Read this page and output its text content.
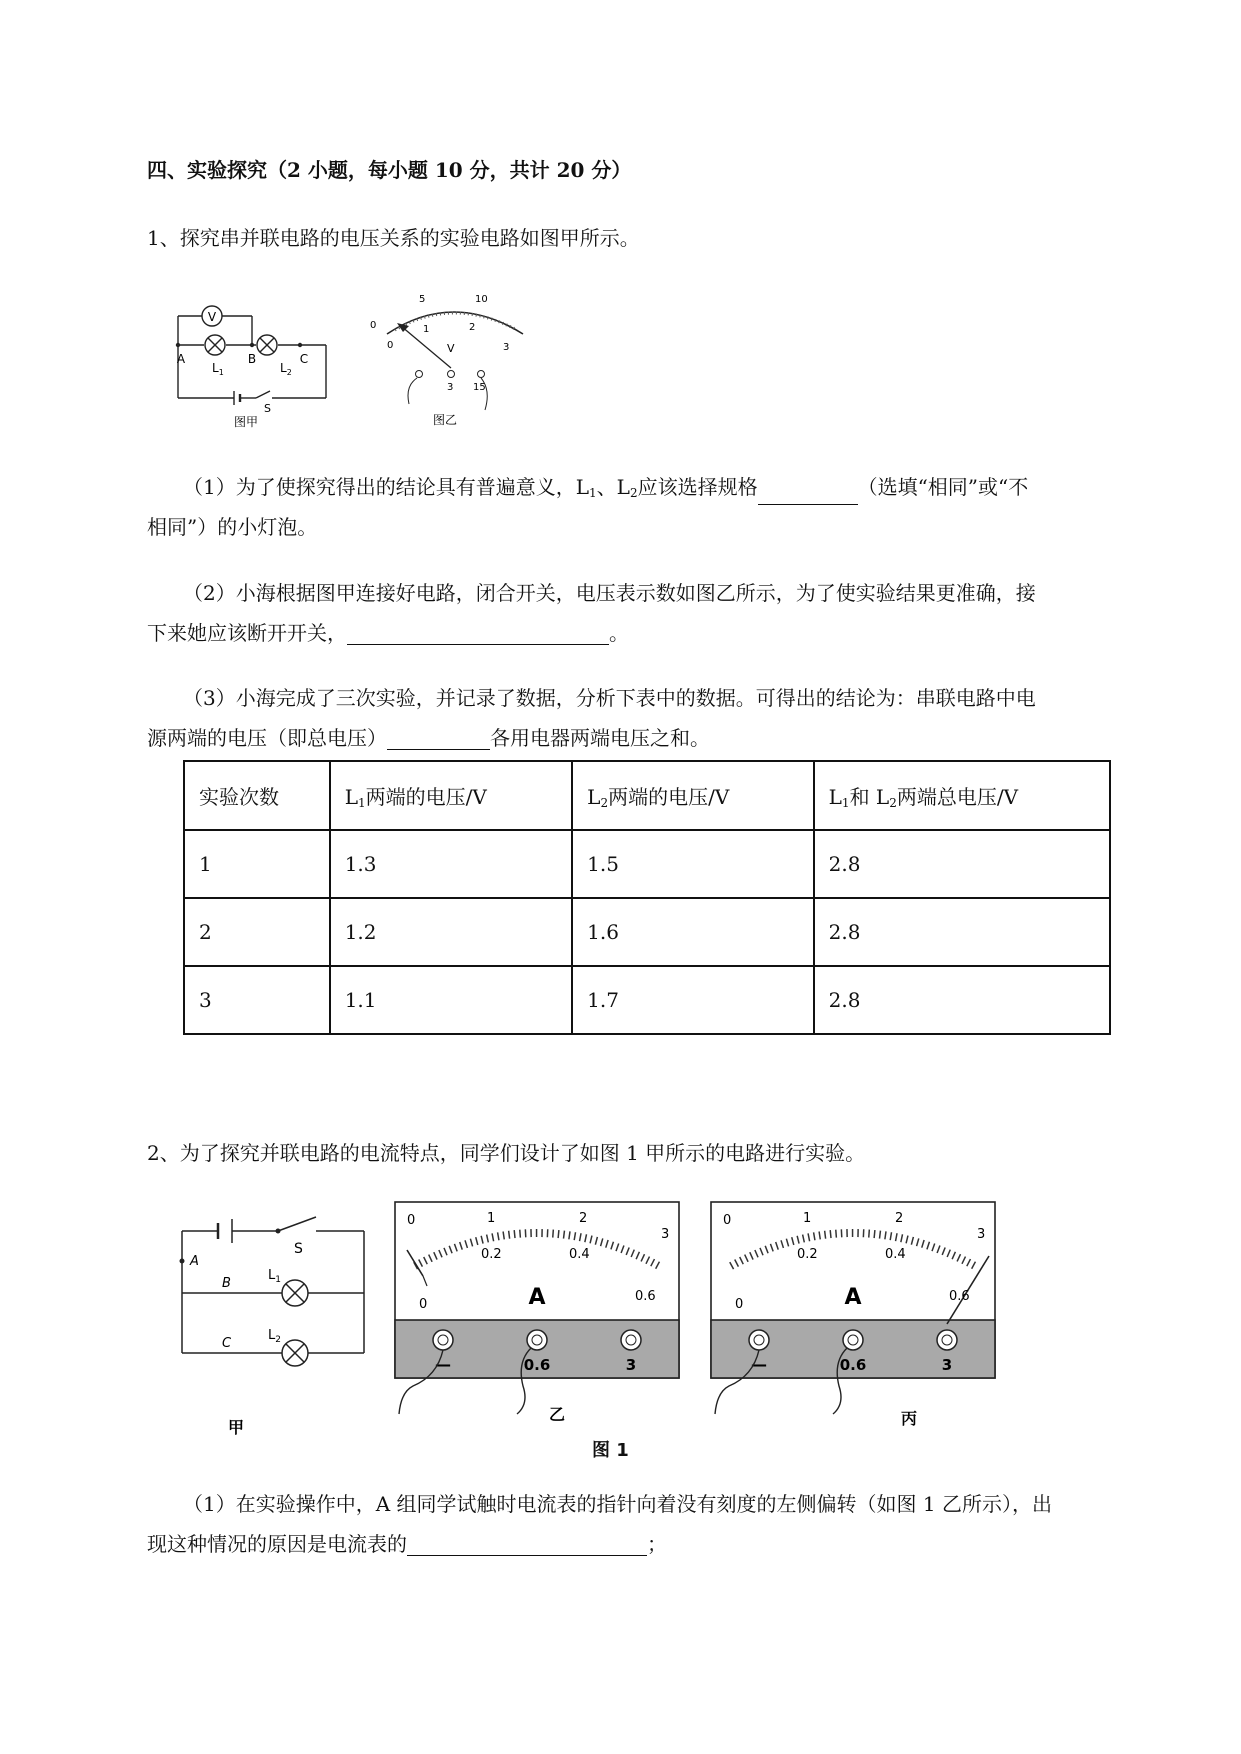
四、实验探究（2 小题，每小题 10 分，共计 20 分）
1、探究串并联电路的电压关系的实验电路如图甲所示。
V
A	B	C
$L_1$	$L_2$
S
图甲
5	10
0
0
1	2
3
V
3 15
图乙
（1）为了使探究得出的结论具有普遍意义，$L_1$、$L_2$应该选择规格	（选填“相同”或“不
相同”）的小灯泡。
（2）小海根据图甲连接好电路，闭合开关，电压表示数如图乙所示，为了使实验结果更准确，接
下来她应该断开开关，	。
（3）小海完成了三次实验，并记录了数据，分析下表中的数据。可得出的结论为：串联电路中电
源两端的电压（即总电压）	各用电器两端电压之和。
实验次数	$L_1$两端的电压/V	$L_2$两端的电压/V	$L_1$和 $L_2$两端总电压/V
1	1.3	1.5	2.8
2	1.2	1.6	2.8
3	1.1	1.7	2.8
2、为了探究并联电路的电流特点，同学们设计了如图 1 甲所示的电路进行实验。
S
A
B
C
$L_1$
$L_2$
甲
0	1	2
3
0
0.2	0.4
0.6
A
—	0.6	3
乙
图 1
0	1	2
3
0
0.2	0.4
0.6
A
—	0.6	3
丙
（1）在实验操作中，A 组同学试触时电流表的指针向着没有刻度的左侧偏转（如图 1 乙所示），出
现这种情况的原因是电流表的	；
